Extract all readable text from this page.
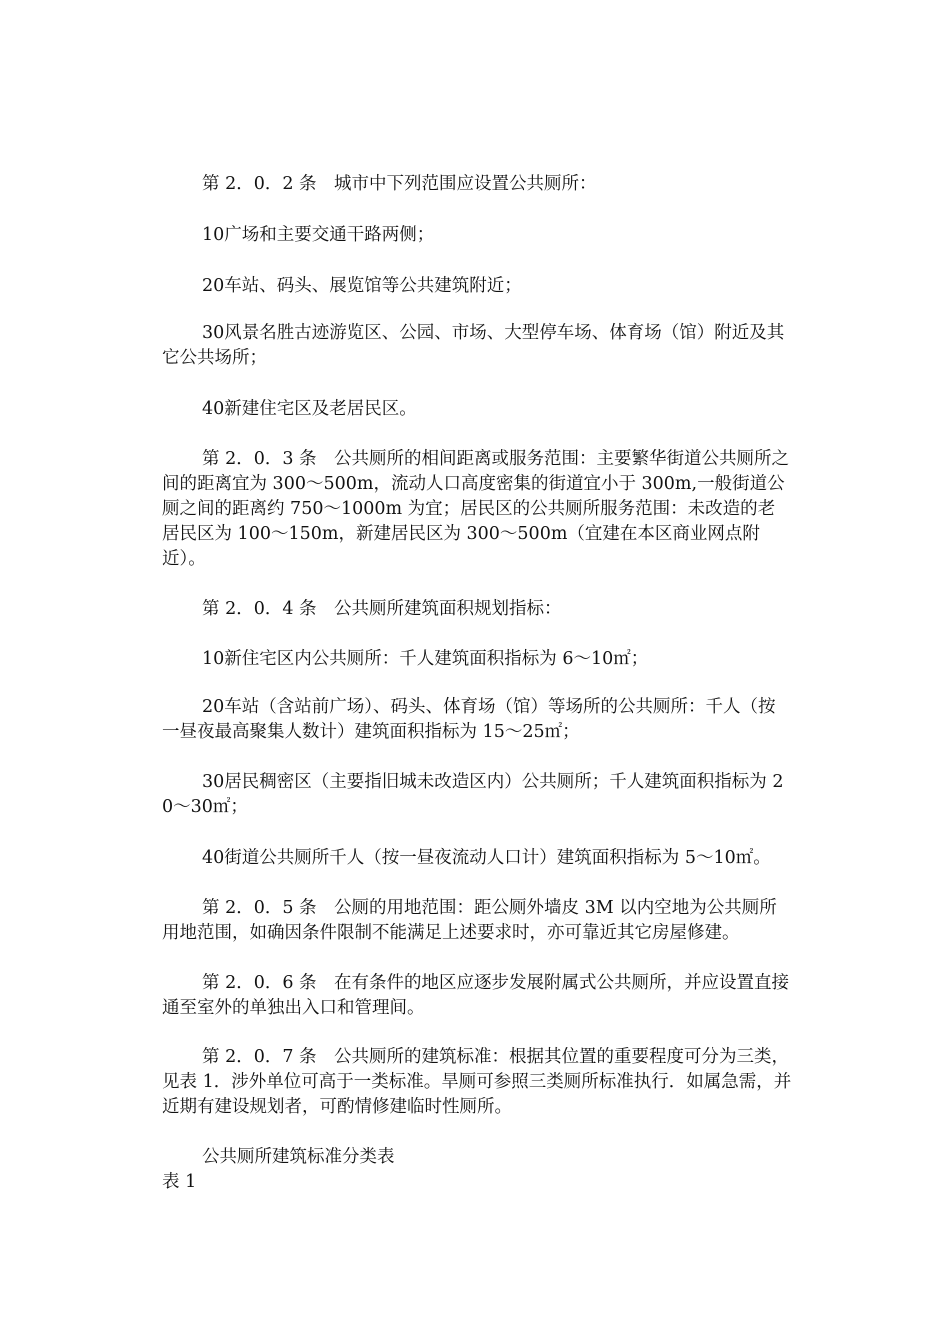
第 2．0．2 条　城市中下列范围应设置公共厕所：

10广场和主要交通干路两侧；

20车站、码头、展览馆等公共建筑附近；

30风景名胜古迹游览区、公园、市场、大型停车场、体育场（馆）附近及其它公共场所；

40新建住宅区及老居民区。

第 2．0．3 条　公共厕所的相间距离或服务范围：主要繁华街道公共厕所之间的距离宜为 300～500m，流动人口高度密集的街道宜小于 300m,一般街道公厕之间的距离约 750～1000m 为宜；居民区的公共厕所服务范围：未改造的老居民区为 100～150m，新建居民区为 300～500m（宜建在本区商业网点附近）。

第 2．0．4 条　公共厕所建筑面积规划指标：

10新住宅区内公共厕所：千人建筑面积指标为 6～10㎡；

20车站（含站前广场）、码头、体育场（馆）等场所的公共厕所：千人（按一昼夜最高聚集人数计）建筑面积指标为 15～25㎡；

30居民稠密区（主要指旧城未改造区内）公共厕所；千人建筑面积指标为 20～30㎡；

40街道公共厕所千人（按一昼夜流动人口计）建筑面积指标为 5～10㎡。

第 2．0．5 条　公厕的用地范围：距公厕外墙皮 3M 以内空地为公共厕所用地范围，如确因条件限制不能满足上述要求时，亦可靠近其它房屋修建。

第 2．0．6 条　在有条件的地区应逐步发展附属式公共厕所，并应设置直接通至室外的单独出入口和管理间。

第 2．0．7 条　公共厕所的建筑标准：根据其位置的重要程度可分为三类，见表 1．涉外单位可高于一类标准。旱厕可参照三类厕所标准执行．如属急需，并近期有建设规划者，可酌情修建临时性厕所。

公共厕所建筑标准分类表

表 1
